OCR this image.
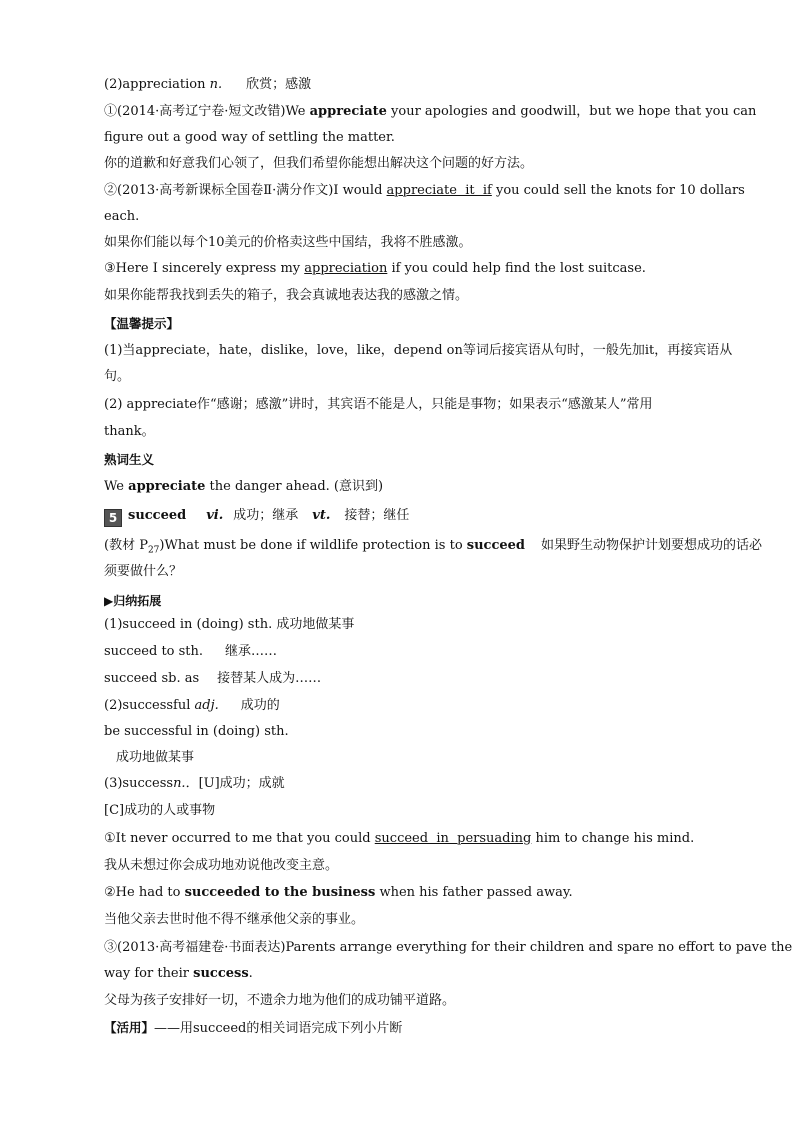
(2)appreciation n. 欣赏；感激
①(2014·高考辽宁卷·短文改错)We appreciate your apologies and goodwill，but we hope that you can
figure out a good way of settling the matter.
你的道歉和好意我们心领了，但我们希望你能想出解决这个问题的好方法。
②(2013·高考新课标全国卷Ⅱ·满分作文)I would appreciate  it  if you could sell the knots for 10 dollars
each.
如果你们能以每个10美元的价格卖这些中国结，我将不胜感激。
③Here I sincerely express my appreciation if you could help find the lost suitcase.
如果你能帮我找到丢失的箱子，我会真诚地表达我的感激之情。
【温馨提示】
(1)当appreciate，hate，dislike，love，like，depend on等词后接宾语从句时，一般先加it，再接宾语从
句。
(2) appreciate作“感谢；感激”讲时，其宾语不能是人，只能是事物；如果表示“感激某人”常用
thank。
熟词生义
We appreciate the danger ahead. (意识到)
5 succeed vi. 成功；继承 vt. 接替；继任
(教材 $P_{27})What$ must be done if wildlife protection is to succeed 如果野生动物保护计划要想成功的话必
须要做什么？
▶归纳拓展
(1)succeed in (doing) sth. 成功地做某事
succeed to sth. 继承……
succeed sb. as 接替某人成为……
(2)successful adj. 成功的
be successful in (doing) sth.
成功地做某事
(3)successn.．[U]成功；成就
[C]成功的人或事物
①It never occurred to me that you could succeed  in  persuading him to change his mind.
我从未想过你会成功地劝说他改变主意。
②He had to succeeded to the business when his father passed away.
当他父亲去世时他不得不继承他父亲的事业。
③(2013·高考福建卷·书面表达)Parents arrange everything for their children and spare no effort to pave the
way for their success.
父母为孩子安排好一切，不遗余力地为他们的成功铺平道路。
【活用】——用succeed的相关词语完成下列小片断
